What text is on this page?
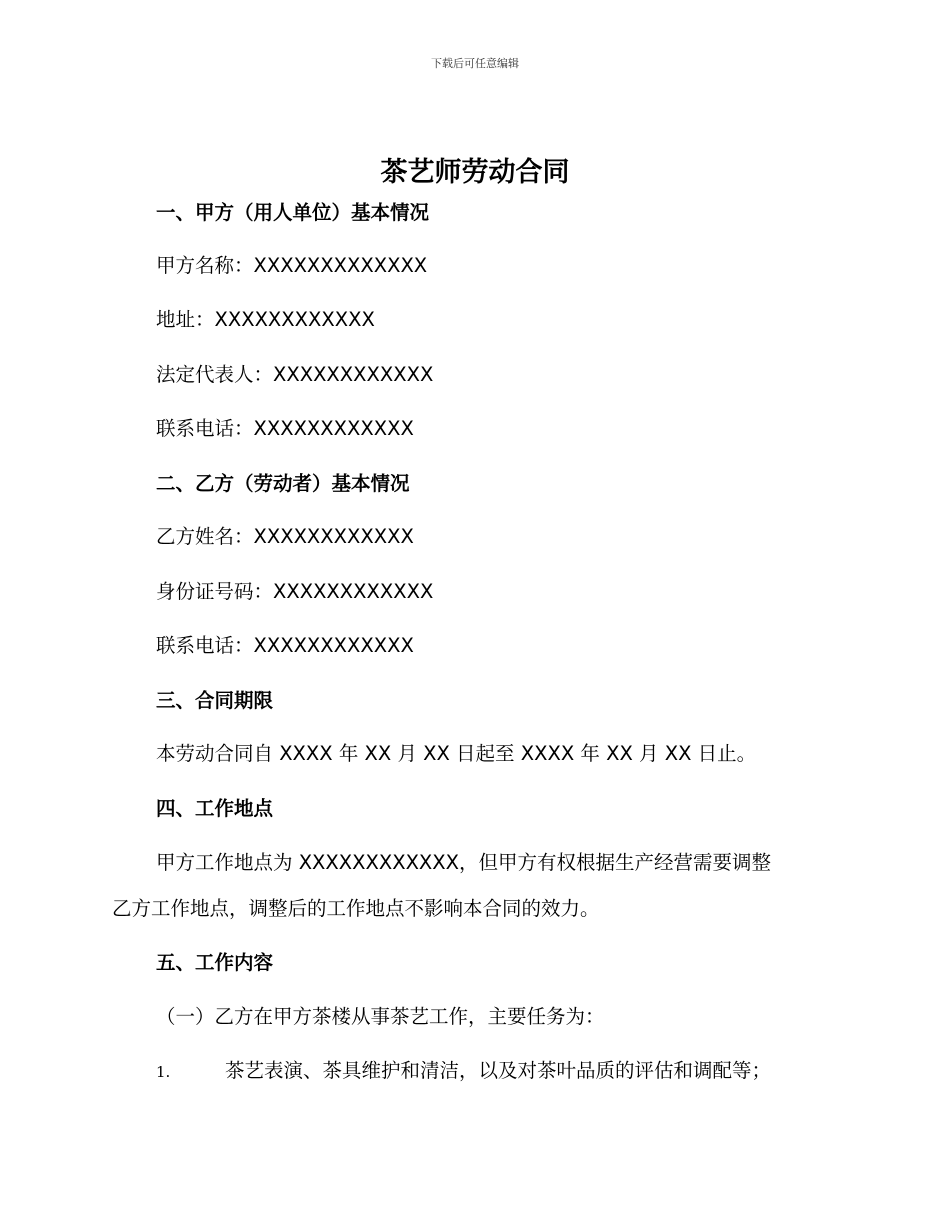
下载后可任意编辑
茶艺师劳动合同
一、甲方（用人单位）基本情况
甲方名称：XXXXXXXXXXXXX
地址：XXXXXXXXXXXX
法定代表人：XXXXXXXXXXXX
联系电话：XXXXXXXXXXXX
二、乙方（劳动者）基本情况
乙方姓名：XXXXXXXXXXXX
身份证号码：XXXXXXXXXXXX
联系电话：XXXXXXXXXXXX
三、合同期限
本劳动合同自 XXXX 年 XX 月 XX 日起至 XXXX 年 XX 月 XX 日止。
四、工作地点
甲方工作地点为 XXXXXXXXXXXX，但甲方有权根据生产经营需要调整
乙方工作地点，调整后的工作地点不影响本合同的效力。
五、工作内容
（一）乙方在甲方茶楼从事茶艺工作，主要任务为：
1.	茶艺表演、茶具维护和清洁，以及对茶叶品质的评估和调配等；
